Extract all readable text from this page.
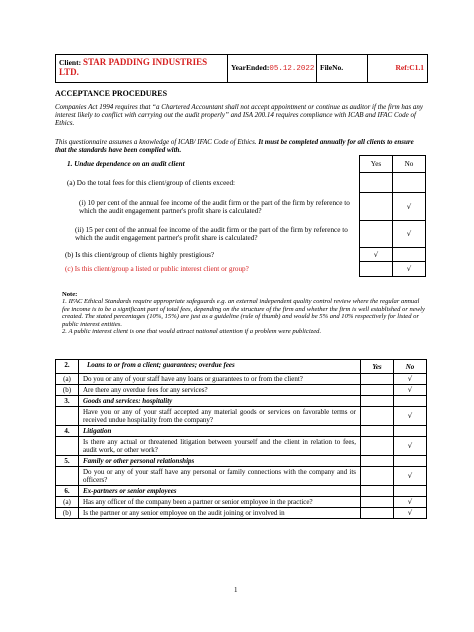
Client: STAR PADDING INDUSTRIES LTD.	YearEnded:05.12.2022 FileNo.	Ref:C1.1
ACCEPTANCE PROCEDURES
Companies Act 1994 requires that “a Chartered Accountant shall not accept appointment or continue as auditor if the firm has any interest likely to conflict with carrying out the audit properly” and ISA 200.14 requires compliance with ICAB and IFAC Code of Ethics.
This questionnaire assumes a knowledge of ICAB/ IFAC Code of Ethics. It must be completed annually for all clients to ensure that the standards have been complied with.
1. Undue dependence on an audit client	Yes	No
(a) Do the total fees for this client/group of clients exceed:		
(i) 10 per cent of the annual fee income of the audit firm or the part of the firm by reference to which the audit engagement partner's profit share is calculated?		√
(ii) 15 per cent of the annual fee income of the audit firm or the part of the firm by reference to which the audit engagement partner's profit share is calculated?		√
(b) Is this client/group of clients highly prestigious?	√	
(c) Is this client/group a listed or public interest client or group?		√
Note:
1. IFAC Ethical Standards require appropriate safeguards e.g. an external independent quality control review where the regular annual fee income is to be a significant part of total fees, depending on the structure of the firm and whether the firm is well established or newly created. The stated percentages (10%, 15%) are just as a guideline (rule of thumb) and would be 5% and 10% respectively for listed or public interest entities.
2. A public interest client is one that would attract national attention if a problem were publicized.
2.	Loans to or from a client; guarantees; overdue fees	Yes	No
(a)	Do you or any of your staff have any loans or guarantees to or from the client?		√
(b)	Are there any overdue fees for any services?		√
3.	Goods and services: hospitality		
	Have you or any of your staff accepted any material goods or services on favorable terms or received undue hospitality from the company?		√
4.	Litigation		
	Is there any actual or threatened litigation between yourself and the client in relation to fees, audit work, or other work?		√
5.	Family or other personal relationships		
	Do you or any of your staff have any personal or family connections with the company and its officers?		√
6.	Ex-partners or senior employees		
(a)	Has any officer of the company been a partner or senior employee in the practice?		√
(b)	Is the partner or any senior employee on the audit joining or involved in		√
1
